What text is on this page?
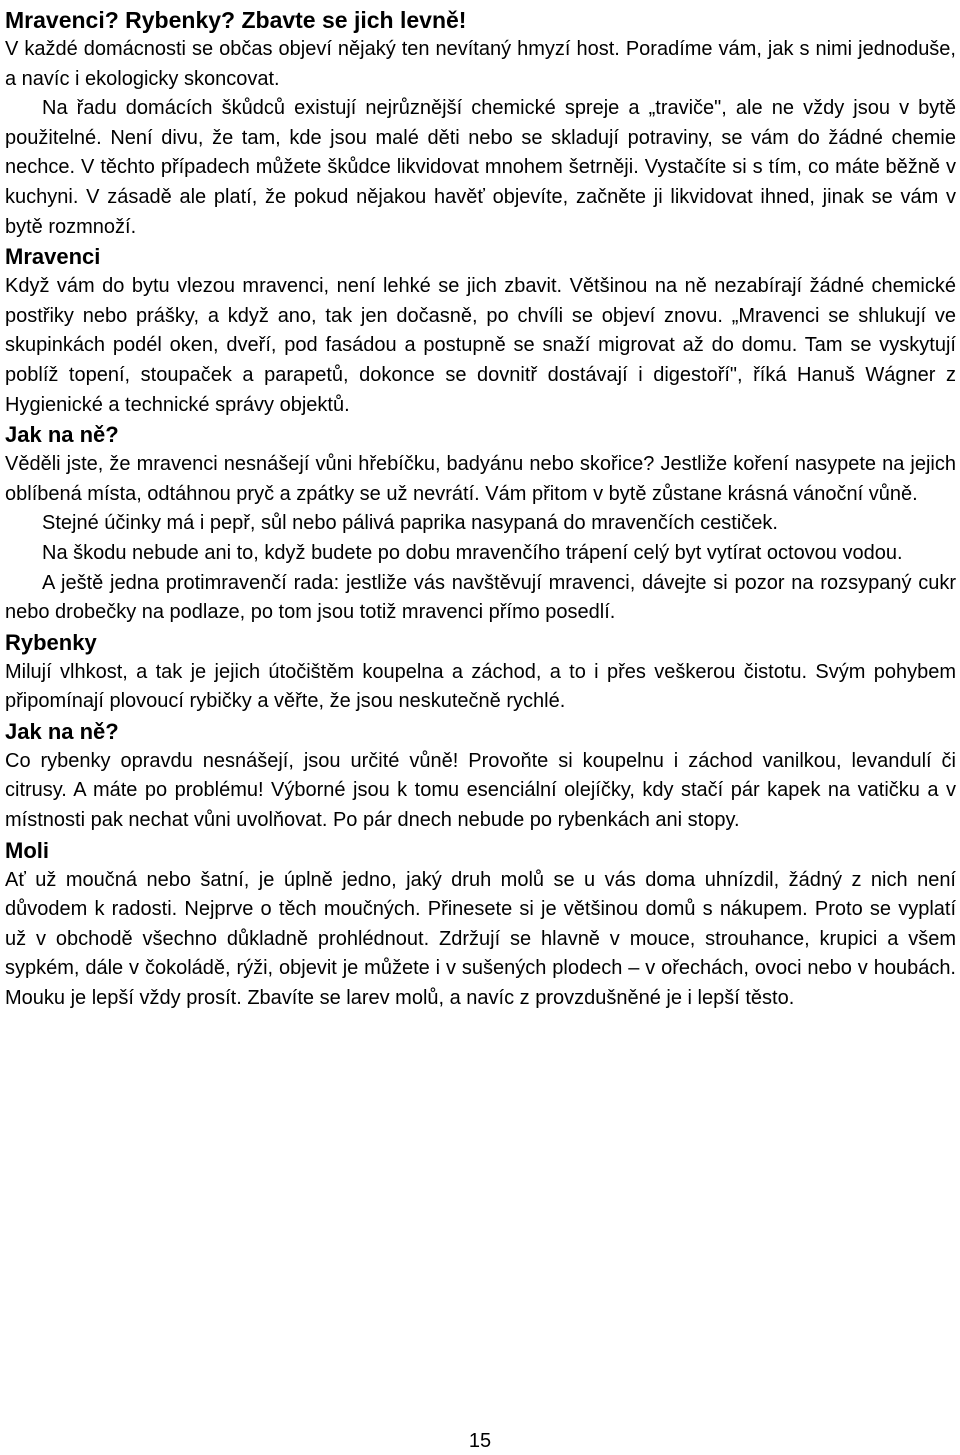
Mravenci? Rybenky? Zbavte se jich levně!

V každé domácnosti se občas objeví nějaký ten nevítaný hmyzí host. Poradíme vám, jak s nimi jednoduše, a navíc i ekologicky skoncovat.

Na řadu domácích škůdců existují nejrůznější chemické spreje a „traviče", ale ne vždy jsou v bytě použitelné. Není divu, že tam, kde jsou malé děti nebo se skladují potraviny, se vám do žádné chemie nechce. V těchto případech můžete škůdce likvidovat mnohem šetrněji. Vystačíte si s tím, co máte běžně v kuchyni. V zásadě ale platí, že pokud nějakou havěť objevíte, začněte ji likvidovat ihned, jinak se vám v bytě rozmnoží.

Mravenci

Když vám do bytu vlezou mravenci, není lehké se jich zbavit. Většinou na ně nezabírají žádné chemické postřiky nebo prášky, a když ano, tak jen dočasně, po chvíli se objeví znovu. „Mravenci se shlukují ve skupinkách podél oken, dveří, pod fasádou a postupně se snaží migrovat až do domu. Tam se vyskytují poblíž topení, stoupaček a parapetů, dokonce se dovnitř dostávají i digestoří", říká Hanuš Wágner z Hygienické a technické správy objektů.

Jak na ně?

Věděli jste, že mravenci nesnášejí vůni hřebíčku, badyánu nebo skořice? Jestliže koření nasypete na jejich oblíbená místa, odtáhnou pryč a zpátky se už nevrátí. Vám přitom v bytě zůstane krásná vánoční vůně.

Stejné účinky má i pepř, sůl nebo pálivá paprika nasypaná do mravenčích cestiček.

Na škodu nebude ani to, když budete po dobu mravenčího trápení celý byt vytírat octovou vodou.

A ještě jedna protimravenčí rada: jestliže vás navštěvují mravenci, dávejte si pozor na rozsypaný cukr nebo drobečky na podlaze, po tom jsou totiž mravenci přímo posedlí.

Rybenky

Milují vlhkost, a tak je jejich útočištěm koupelna a záchod, a to i přes veškerou čistotu. Svým pohybem připomínají plovoucí rybičky a věřte, že jsou neskutečně rychlé.

Jak na ně?

Co rybenky opravdu nesnášejí, jsou určité vůně! Provoňte si koupelnu i záchod vanilkou, levandulí či citrusy. A máte po problému! Výborné jsou k tomu esenciální olejíčky, kdy stačí pár kapek na vatičku a v místnosti pak nechat vůni uvolňovat. Po pár dnech nebude po rybenkách ani stopy.

Moli

Ať už moučná nebo šatní, je úplně jedno, jaký druh molů se u vás doma uhnízdil, žádný z nich není důvodem k radosti. Nejprve o těch moučných. Přinesete si je většinou domů s nákupem. Proto se vyplatí už v obchodě všechno důkladně prohlédnout. Zdržují se hlavně v mouce, strouhance, krupici a všem sypkém, dále v čokoládě, rýži, objevit je můžete i v sušených plodech – v ořechách, ovoci nebo v houbách. Mouku je lepší vždy prosít. Zbavíte se larev molů, a navíc z provzdušněné je i lepší těsto.

15
